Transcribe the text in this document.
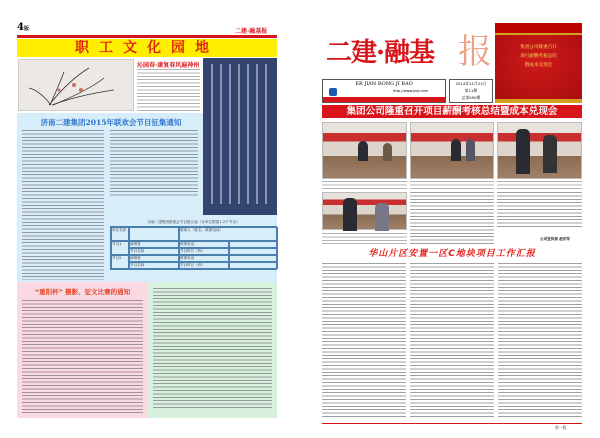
4版	二建·融基报
职工文化园地
沁园春·康复春风遍神州
济南二建集团2015年联欢会节目征集通知
济南二建集团联欢会节目报名表（各单位限报1-2个节目）
单位名称	联系人（姓名、联系电话）
节目1	演唱者	联系电话
节目名称	节目时长（秒）
节目2	演唱者	联系电话
节目名称	节目时长（秒）
“重阳杯” 摄影、征文比赛的通知
二建·融基 报	集团公司隆重召开
项目薪酬考核总结
暨成本兑现会
ER JIAN RONG JI BAO
http://www.jnej.com
2014年11月21日
第11期
总第090期
集团公司隆重召开项目薪酬考核总结暨成本兑现会
公司宣传部 赵庆军
华山片区安置一区C地块项目工作汇报
第一版
